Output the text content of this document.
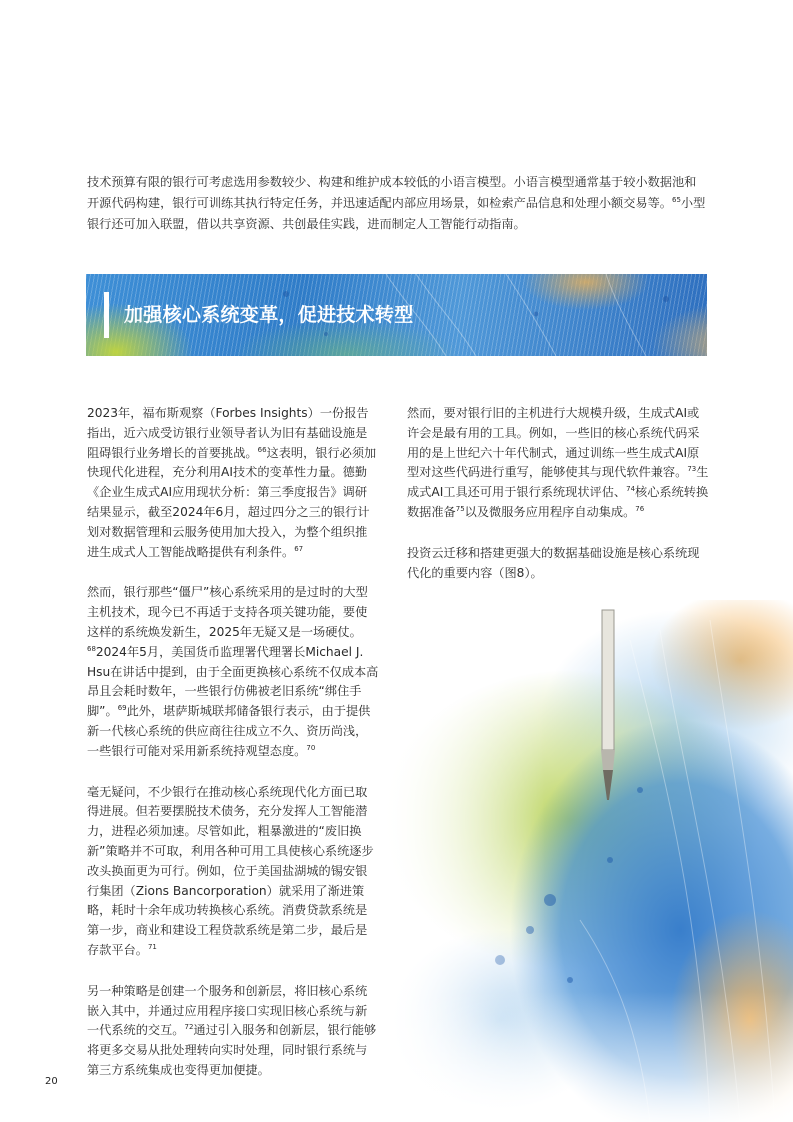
技术预算有限的银行可考虑选用参数较少、构建和维护成本较低的小语言模型。小语言模型通常基于较小数据池和开源代码构建，银行可训练其执行特定任务，并迅速适配内部应用场景，如检索产品信息和处理小额交易等。$^{65}$小型银行还可加入联盟，借以共享资源、共创最佳实践，进而制定人工智能行动指南。

加强核心系统变革，促进技术转型

2023年，福布斯观察（Forbes Insights）一份报告指出，近六成受访银行业领导者认为旧有基础设施是阻碍银行业务增长的首要挑战。$^{66}$这表明，银行必须加快现代化进程，充分利用AI技术的变革性力量。德勤《企业生成式AI应用现状分析：第三季度报告》调研结果显示，截至2024年6月，超过四分之三的银行计划对数据管理和云服务使用加大投入，为整个组织推进生成式人工智能战略提供有利条件。$^{67}$

然而，银行那些“僵尸”核心系统采用的是过时的大型主机技术，现今已不再适于支持各项关键功能，要使这样的系统焕发新生，2025年无疑又是一场硬仗。$^{68}$2024年5月，美国货币监理署代理署长Michael J. Hsu在讲话中提到，由于全面更换核心系统不仅成本高昂且会耗时数年，一些银行仿佛被老旧系统“绑住手脚”。$^{69}$此外，堪萨斯城联邦储备银行表示，由于提供新一代核心系统的供应商往往成立不久、资历尚浅，一些银行可能对采用新系统持观望态度。$^{70}$

毫无疑问，不少银行在推动核心系统现代化方面已取得进展。但若要摆脱技术债务，充分发挥人工智能潜力，进程必须加速。尽管如此，粗暴激进的“废旧换新”策略并不可取，利用各种可用工具使核心系统逐步改头换面更为可行。例如，位于美国盐湖城的锡安银行集团（Zions Bancorporation）就采用了渐进策略，耗时十余年成功转换核心系统。消费贷款系统是第一步，商业和建设工程贷款系统是第二步，最后是存款平台。$^{71}$

另一种策略是创建一个服务和创新层，将旧核心系统嵌入其中，并通过应用程序接口实现旧核心系统与新一代系统的交互。$^{72}$通过引入服务和创新层，银行能够将更多交易从批处理转向实时处理，同时银行系统与第三方系统集成也变得更加便捷。

然而，要对银行旧的主机进行大规模升级，生成式AI或许会是最有用的工具。例如，一些旧的核心系统代码采用的是上世纪六十年代制式，通过训练一些生成式AI原型对这些代码进行重写，能够使其与现代软件兼容。$^{73}$生成式AI工具还可用于银行系统现状评估、$^{74}$核心系统转换数据准备$^{75}$以及微服务应用程序自动集成。$^{76}$

投资云迁移和搭建更强大的数据基础设施是核心系统现代化的重要内容（图8）。

20
